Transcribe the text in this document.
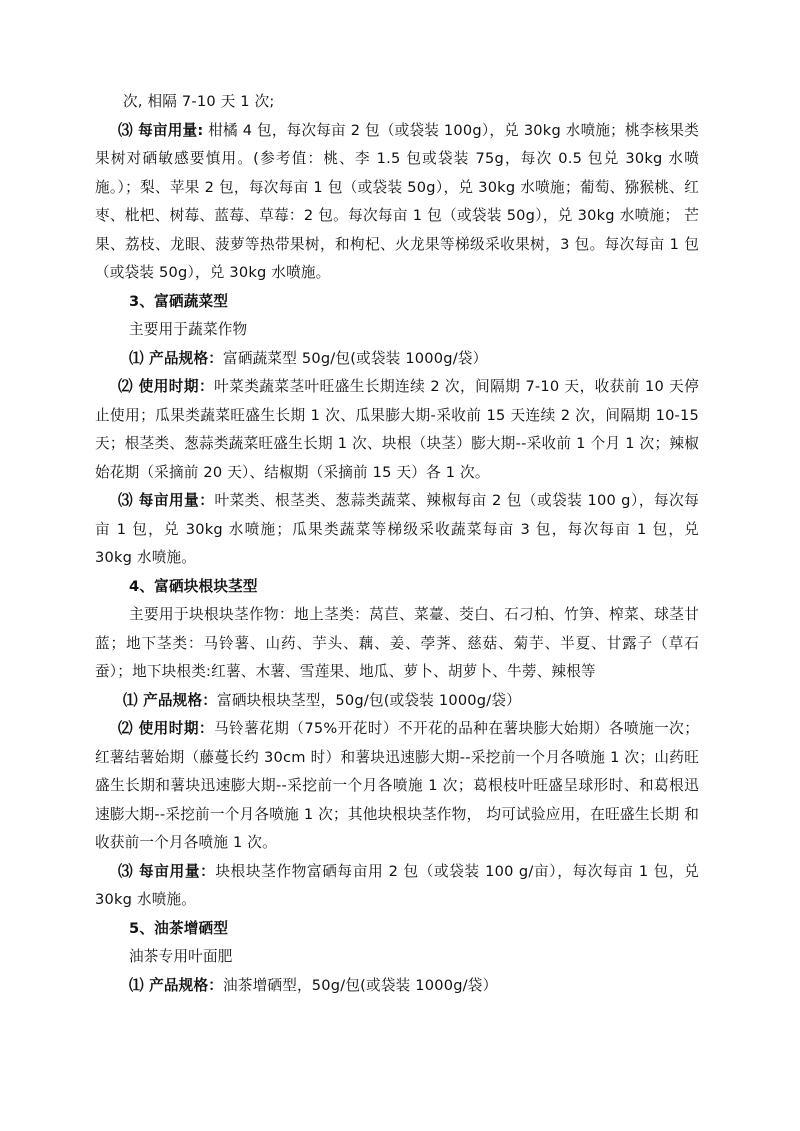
次, 相隔 7-10 天 1 次;

⑶ 每亩用量: 柑橘 4 包，每次每亩 2 包（或袋装 100g），兑 30kg 水喷施；桃李核果类果树对硒敏感要慎用。(参考值：桃、李 1.5 包或袋装 75g，每次 0.5 包兑 30kg 水喷施。）；梨、苹果 2 包，每次每亩 1 包（或袋装 50g），兑 30kg 水喷施；葡萄、猕猴桃、红枣、枇杷、树莓、蓝莓、草莓：2 包。每次每亩 1 包（或袋装 50g），兑 30kg 水喷施； 芒果、荔枝、龙眼、菠萝等热带果树，和枸杞、火龙果等梯级采收果树，3 包。每次每亩 1 包（或袋装 50g），兑 30kg 水喷施。

3、富硒蔬菜型

主要用于蔬菜作物

⑴ 产品规格：富硒蔬菜型 50g/包(或袋装 1000g/袋）

⑵ 使用时期：叶菜类蔬菜茎叶旺盛生长期连续 2 次，间隔期 7-10 天，收获前 10 天停止使用；瓜果类蔬菜旺盛生长期 1 次、瓜果膨大期-采收前 15 天连续 2 次，间隔期 10-15 天；根茎类、葱蒜类蔬菜旺盛生长期 1 次、块根（块茎）膨大期--采收前 1 个月 1 次；辣椒始花期（采摘前 20 天）、结椒期（采摘前 15 天）各 1 次。

⑶ 每亩用量：叶菜类、根茎类、葱蒜类蔬菜、辣椒每亩 2 包（或袋装 100 g），每次每亩 1 包，兑 30kg 水喷施；瓜果类蔬菜等梯级采收蔬菜每亩 3 包，每次每亩 1 包，兑 30kg 水喷施。

4、富硒块根块茎型

主要用于块根块茎作物：地上茎类：莴苣、菜薹、茭白、石刁柏、竹笋、榨菜、球茎甘蓝；地下茎类：马铃薯、山药、芋头、藕、姜、荸荠、慈菇、菊芋、半夏、甘露子（草石蚕）；地下块根类:红薯、木薯、雪莲果、地瓜、萝卜、胡萝卜、牛蒡、辣根等

⑴ 产品规格：富硒块根块茎型，50g/包(或袋装 1000g/袋）

⑵ 使用时期：马铃薯花期（75%开花时）不开花的品种在薯块膨大始期）各喷施一次；红薯结薯始期（藤蔓长约 30cm 时）和薯块迅速膨大期--采挖前一个月各喷施 1 次；山药旺盛生长期和薯块迅速膨大期--采挖前一个月各喷施 1 次；葛根枝叶旺盛呈球形时、和葛根迅速膨大期--采挖前一个月各喷施 1 次；其他块根块茎作物， 均可试验应用，在旺盛生长期 和收获前一个月各喷施 1 次。

⑶ 每亩用量：块根块茎作物富硒每亩用 2 包（或袋装 100 g/亩），每次每亩 1 包，兑 30kg 水喷施。

5、油茶增硒型

油茶专用叶面肥

⑴ 产品规格：油茶增硒型，50g/包(或袋装 1000g/袋）
